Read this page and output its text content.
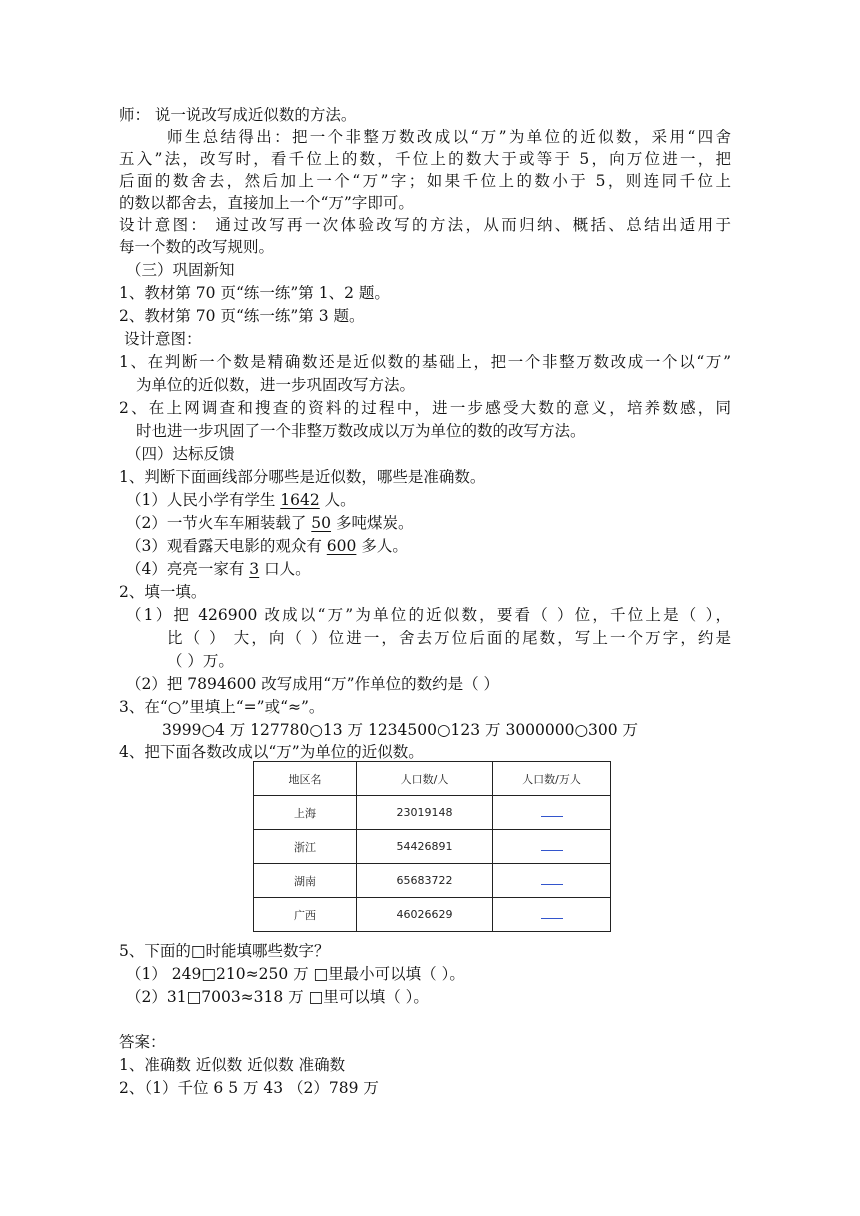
师： 说一说改写成近似数的方法。
师生总结得出：把一个非整万数改成以“万”为单位的近似数，采用“四舍
五入”法，改写时，看千位上的数，千位上的数大于或等于 5，向万位进一，把
后面的数舍去，然后加上一个“万”字；如果千位上的数小于 5，则连同千位上
的数以都舍去，直接加上一个“万”字即可。
设计意图： 通过改写再一次体验改写的方法，从而归纳、概括、总结出适用于
每一个数的改写规则。
（三）巩固新知
1、教材第 70 页“练一练”第 1、2 题。
2、教材第 70 页“练一练”第 3 题。
设计意图：
1、在判断一个数是精确数还是近似数的基础上，把一个非整万数改成一个以“万”
为单位的近似数，进一步巩固改写方法。
2、在上网调查和搜查的资料的过程中，进一步感受大数的意义，培养数感，同
时也进一步巩固了一个非整万数改成以万为单位的数的改写方法。
（四）达标反馈
1、判断下面画线部分哪些是近似数，哪些是准确数。
（1）人民小学有学生 1642 人。
（2）一节火车车厢装载了 50 多吨煤炭。
（3）观看露天电影的观众有 600 多人。
（4）亮亮一家有 3 口人。
2、填一填。
（1）把 426900 改成以“万”为单位的近似数，要看（ ）位，千位上是（ ），
比（ ） 大，向（ ）位进一，舍去万位后面的尾数，写上一个万字，约是
（ ）万。
（2）把 7894600 改写成用“万”作单位的数约是（ ）
3、在“○”里填上“=”或“≈”。
3999○4 万 127780○13 万 1234500○123 万 3000000○300 万
4、把下面各数改成以“万”为单位的近似数。
地区名	人口数/人	人口数/万人
上海	23019148	
浙江	54426891	
湖南	65683722	
广西	46026629	
5、下面的□时能填哪些数字？
（1） 249□210≈250 万 □里最小可以填（ ）。
（2）31□7003≈318 万 □里可以填（ ）。
答案：
1、准确数 近似数 近似数 准确数
2、（1）千位 6 5 万 43 （2）789 万
